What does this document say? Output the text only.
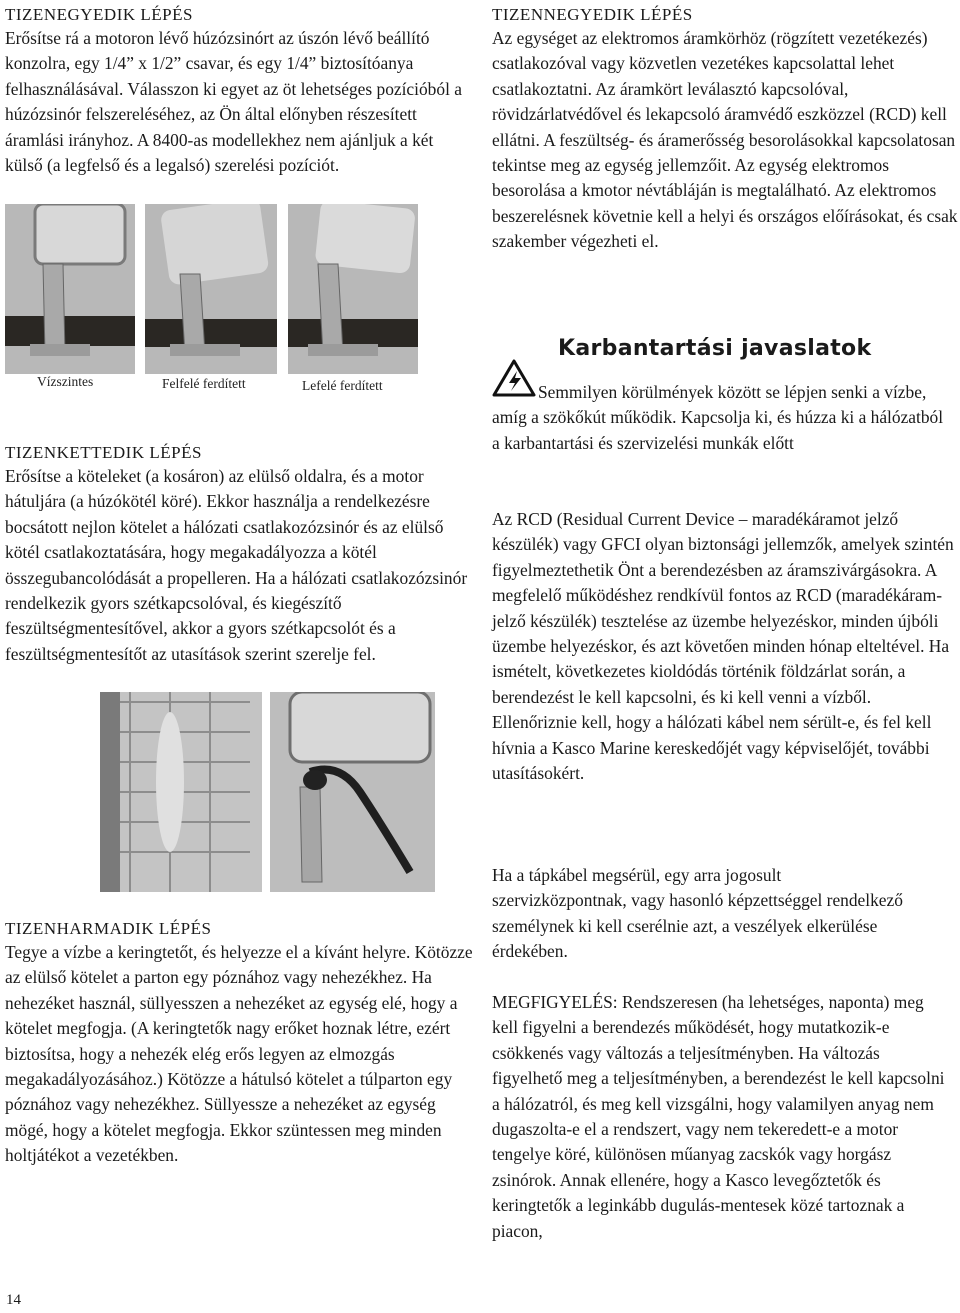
TIZENEGYEDIK LÉPÉS

Erősítse rá a motoron lévő húzózsinórt az úszón lévő beállító konzolra, egy 1/4” x 1/2” csavar, és egy 1/4” biztosítóanya felhasználásával. Válasszon ki egyet az öt lehetséges pozícióból a húzózsinór felszereléséhez, az Ön által előnyben részesített áramlási irányhoz. A 8400-as modellekhez nem ajánljuk a két külső (a legfelső és a legalsó) szerelési pozíciót.

Vízszintes	Felfelé ferdített	Lefelé ferdített
TIZENKETTEDIK LÉPÉS

Erősítse a köteleket (a kosáron) az elülső oldalra, és a motor hátuljára (a húzókötél köré). Ekkor használja a rendelkezésre bocsátott nejlon kötelet a hálózati csatlakozózsinór és az elülső kötél csatlakoztatására, hogy megakadályozza a kötél összegubancolódását a propelleren. Ha a hálózati csatlakozózsinór rendelkezik gyors szétkapcsolóval, és kiegészítő feszültségmentesítővel, akkor a gyors szétkapcsolót és a feszültségmentesítőt az utasítások szerint szerelje fel.

TIZENHARMADIK LÉPÉS

Tegye a vízbe a keringtetőt, és helyezze el a kívánt helyre. Kötözze az elülső kötelet a parton egy póznához vagy nehezékhez. Ha nehezéket használ, süllyesszen a nehezéket az egység elé, hogy a kötelet megfogja. (A keringtetők nagy erőket hoznak létre, ezért biztosítsa, hogy a nehezék elég erős legyen az elmozgás megakadályozásához.) Kötözze a hátulsó kötelet a túlparton egy póznához vagy nehezékhez. Süllyessze a nehezéket az egység mögé, hogy a kötelet megfogja. Ekkor szüntessen meg minden holtjátékot a vezetékben.

TIZENNEGYEDIK LÉPÉS

Az egységet az elektromos áramkörhöz (rögzített vezetékezés) csatlakozóval vagy közvetlen vezetékes kapcsolattal lehet csatlakoztatni. Az áramkört leválasztó kapcsolóval, rövidzárlatvédővel és lekapcsoló áramvédő eszközzel (RCD) kell ellátni. A feszültség- és áramerősség besorolásokkal kapcsolatosan tekintse meg az egység jellemzőit. Az egység elektromos besorolása a kmotor névtábláján is megtalálható. Az elektromos beszerelésnek követnie kell a helyi és országos előírásokat, és csak szakember végezheti el.

Karbantartási javaslatok

Semmilyen körülmények között se lépjen senki a vízbe, amíg a szökőkút működik. Kapcsolja ki, és húzza ki a hálózatból a karbantartási és szervizelési munkák előtt

Az RCD (Residual Current Device – maradékáramot jelző készülék) vagy GFCI olyan biztonsági jellemzők, amelyek szintén figyelmeztethetik Önt a berendezésben az áramszivárgásokra. A megfelelő működéshez rendkívül fontos az RCD (maradékáram-jelző készülék) tesztelése az üzembe helyezéskor, minden újbóli üzembe helyezéskor, és azt követően minden hónap elteltével. Ha ismételt, következetes kioldódás történik földzárlat során, a berendezést le kell kapcsolni, és ki kell venni a vízből. Ellenőriznie kell, hogy a hálózati kábel nem sérült-e, és fel kell hívnia a Kasco Marine kereskedőjét vagy képviselőjét, további utasításokért.

Ha a tápkábel megsérül, egy arra jogosult szervizközpontnak, vagy hasonló képzettséggel rendelkező személynek ki kell cserélnie azt, a veszélyek elkerülése érdekében.

MEGFIGYELÉS: Rendszeresen (ha lehetséges, naponta) meg kell figyelni a berendezés működését, hogy mutatkozik-e csökkenés vagy változás a teljesítményben. Ha változás figyelhető meg a teljesítményben, a berendezést le kell kapcsolni a hálózatról, és meg kell vizsgálni, hogy valamilyen anyag nem dugaszolta-e el a rendszert, vagy nem tekeredett-e a motor tengelye köré, különösen műanyag zacskók vagy horgász zsinórok. Annak ellenére, hogy a Kasco levegőztetők és keringtetők a leginkább dugulás-mentesek közé tartoznak a piacon,

14
